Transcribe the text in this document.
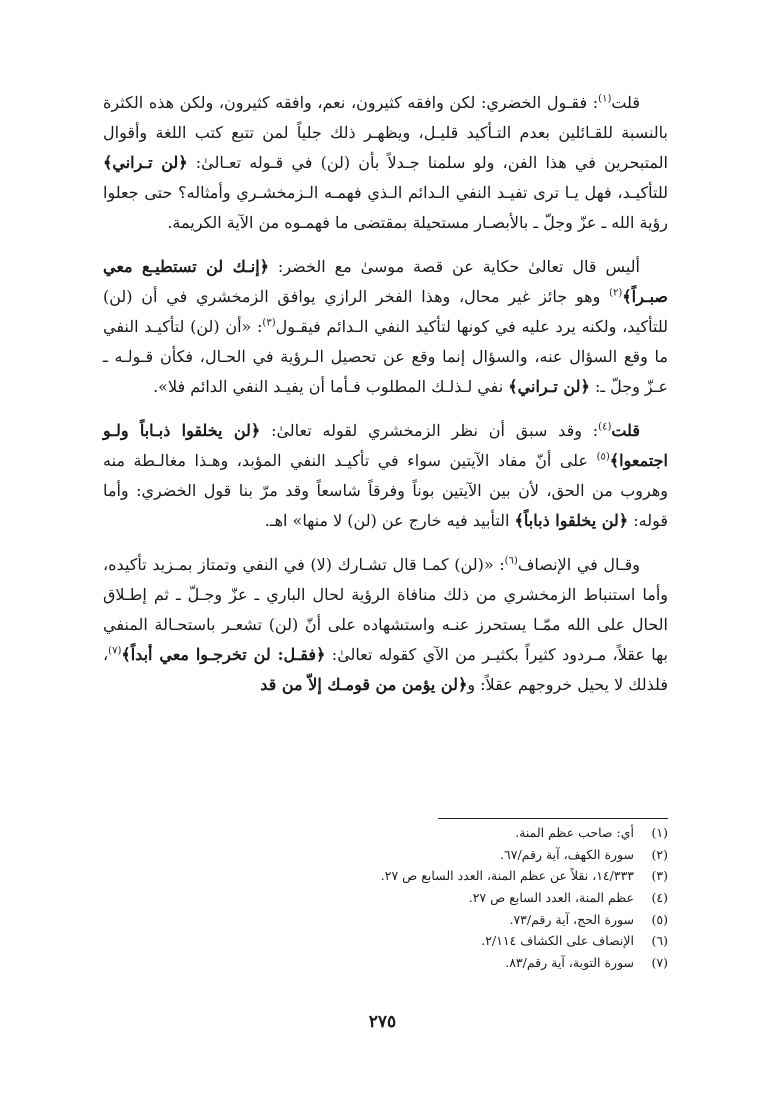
قلت$^{(١)}$: فقـول الخضري: لكن وافقه كثيرون، نعم، وافقه كثيرون، ولكن هذه الكثرة بالنسبة للقـائلين بعدم التـأكيد قليـل، ويظهـر ذلك جلياً لمن تتبع كتب اللغة وأقوال المتبحرين في هذا الفن، ولو سلمنا جـدلاً بأن (لن) في قـوله تعـالىٰ: ﴿لن تـراني﴾ للتأكيـد، فهل يـا ترى تفيـد النفي الـدائم الـذي فهمـه الـزمخشـري وأمثاله؟ حتى جعلوا رؤية الله ـ عزّ وجلّ ـ بالأبصـار مستحيلة بمقتضى ما فهمـوه من الآية الكريمة.

أليس قال تعالىٰ حكاية عن قصة موسىٰ مع الخضر: ﴿إنـك لن تستطيـع معي صبـراً﴾$^{(٢)}$ وهو جائز غير محال، وهذا الفخر الرازي يوافق الزمخشري في أن (لن) للتأكيد، ولكنه يرد عليه في كونها لتأكيد النفي الـدائم فيقـول$^{(٣)}$: «أن (لن) لتأكيـد النفي ما وقع السؤال عنه، والسؤال إنما وقع عن تحصيل الـرؤية في الحـال، فكأن قـولـه ـ عـزّ وجلّ ـ: ﴿لن تـراني﴾ نفي لـذلـك المطلوب فـأما أن يفيـد النفي الدائم فلا».

قلت$^{(٤)}$: وقد سبق أن نظر الزمخشري لقوله تعالىٰ: ﴿لن يخلقوا ذبـاباً ولـو اجتمعوا﴾$^{(٥)}$ على أنّ مفاد الآيتين سواء في تأكيـد النفي المؤبد، وهـذا مغالـطة منه وهروب من الحق، لأن بين الآيتين بوناً وفرقاً شاسعاً وقد مرّ بنا قول الخضري: وأما قوله: ﴿لن يخلقوا ذباباً﴾ التأبيد فيه خارج عن (لن) لا منها» اهـ.

وقـال في الإنصاف$^{(٦)}$: «(لن) كمـا قال تشـارك (لا) في النفي وتمتاز بمـزيد تأكيده، وأما استنباط الزمخشري من ذلك منافاة الرؤية لحال الباري ـ عزّ وجـلّ ـ ثم إطـلاق الحال على الله ممّـا يستحرز عنـه واستشهاده على أنّ (لن) تشعـر باستحـالة المنفي بها عقلاً، مـردود كثيراً بكثيـر من الآي كقوله تعالىٰ: ﴿فقـل: لن تخرجـوا معي أبداً﴾$^{(٧)}$، فلذلك لا يحيل خروجهم عقلاً: و﴿لن يؤمن من قومـك إلاّ من قد

(١)أي: صاحب عظم المنة.
(٢)سورة الكهف، آية رقم/٦٧.
(٣)١٤/٣٣٣، نقلاً عن عظم المنة، العدد السابع ص ٢٧.
(٤)عظم المنة، العدد السابع ص ٢٧.
(٥)سورة الحج، آية رقم/٧٣.
(٦)الإنصاف على الكشاف ٢/١١٤.
(٧)سورة التوبة، آية رقم/٨٣.
٢٧٥
